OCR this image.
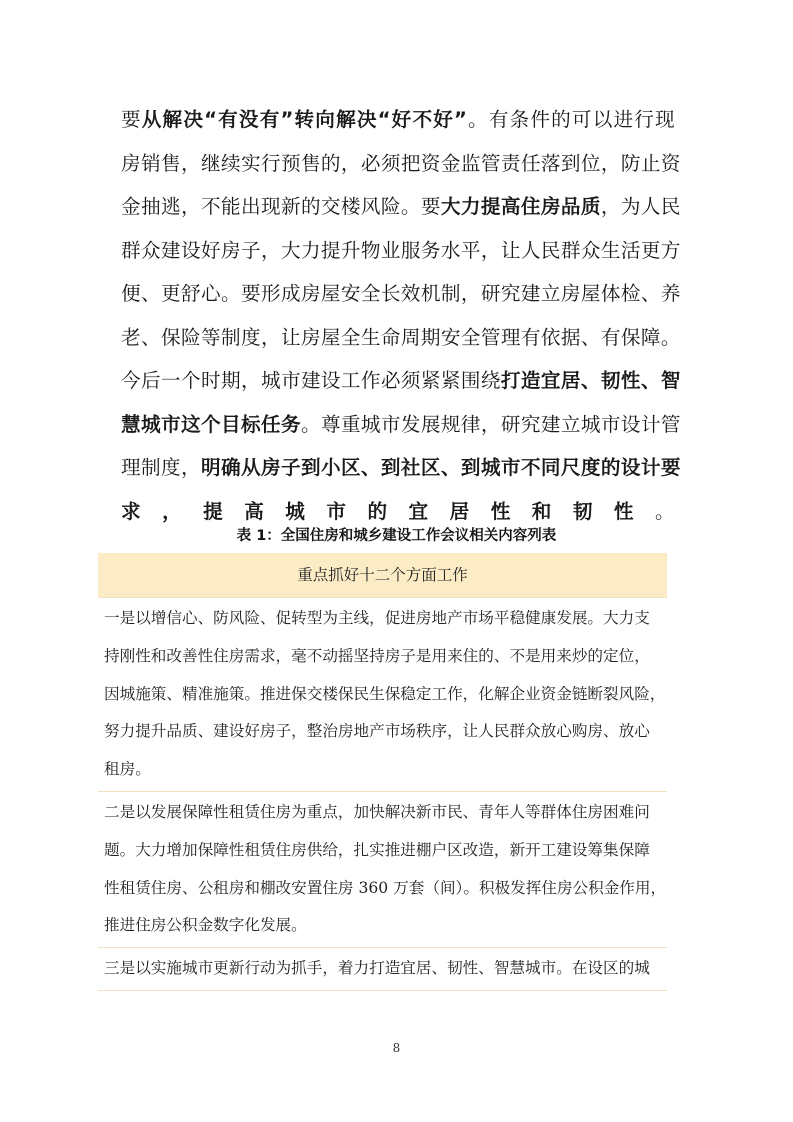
要从解决“有没有”转向解决“好不好”。有条件的可以进行现
房销售，继续实行预售的，必须把资金监管责任落到位，防止资
金抽逃，不能出现新的交楼风险。要大力提高住房品质，为人民
群众建设好房子，大力提升物业服务水平，让人民群众生活更方
便、更舒心。要形成房屋安全长效机制，研究建立房屋体检、养
老、保险等制度，让房屋全生命周期安全管理有依据、有保障。
今后一个时期，城市建设工作必须紧紧围绕打造宜居、韧性、智
慧城市这个目标任务。尊重城市发展规律，研究建立城市设计管
理制度，明确从房子到小区、到社区、到城市不同尺度的设计要
求，提高城市的宜居性和韧性。
表 1：全国住房和城乡建设工作会议相关内容列表
重点抓好十二个方面工作
一是以增信心、防风险、促转型为主线，促进房地产市场平稳健康发展。大力支
持刚性和改善性住房需求，毫不动摇坚持房子是用来住的、不是用来炒的定位，
因城施策、精准施策。推进保交楼保民生保稳定工作，化解企业资金链断裂风险，
努力提升品质、建设好房子，整治房地产市场秩序，让人民群众放心购房、放心
租房。
二是以发展保障性租赁住房为重点，加快解决新市民、青年人等群体住房困难问
题。大力增加保障性租赁住房供给，扎实推进棚户区改造，新开工建设筹集保障
性租赁住房、公租房和棚改安置住房 360 万套（间）。积极发挥住房公积金作用，
推进住房公积金数字化发展。
三是以实施城市更新行动为抓手，着力打造宜居、韧性、智慧城市。在设区的城
8
